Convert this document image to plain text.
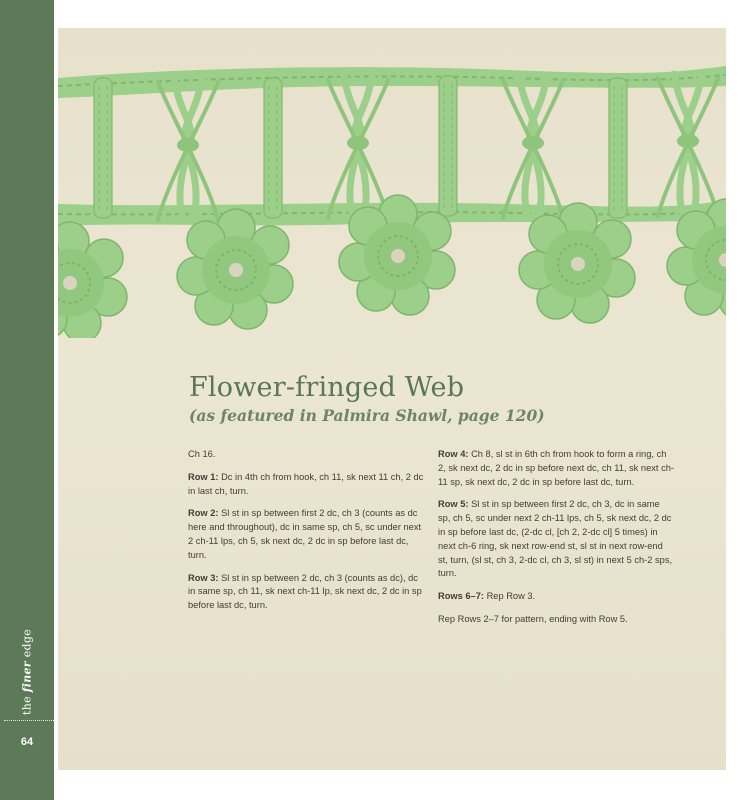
the finer edge
64
Flower-fringed Web
(as featured in Palmira Shawl, page 120)

Ch 16.

Row 1: Dc in 4th ch from hook, ch 11, sk next 11 ch, 2 dc in last ch, turn.

Row 2: Sl st in sp between first 2 dc, ch 3 (counts as dc here and throughout), dc in same sp, ch 5, sc under next 2 ch-11 lps, ch 5, sk next dc, 2 dc in sp before last dc, turn.

Row 3: Sl st in sp between 2 dc, ch 3 (counts as dc), dc in same sp, ch 11, sk next ch-11 lp, sk next dc, 2 dc in sp before last dc, turn.

Row 4: Ch 8, sl st in 6th ch from hook to form a ring, ch 2, sk next dc, 2 dc in sp before next dc, ch 11, sk next ch-11 sp, sk next dc, 2 dc in sp before last dc, turn.

Row 5: Sl st in sp between first 2 dc, ch 3, dc in same sp, ch 5, sc under next 2 ch-11 lps, ch 5, sk next dc, 2 dc in sp before last dc, (2-dc cl, [ch 2, 2-dc cl] 5 times) in next ch-6 ring, sk next row-end st, sl st in next row-end st, turn, (sl st, ch 3, 2-dc cl, ch 3, sl st) in next 5 ch-2 sps, turn.

Rows 6–7: Rep Row 3.

Rep Rows 2–7 for pattern, ending with Row 5.
